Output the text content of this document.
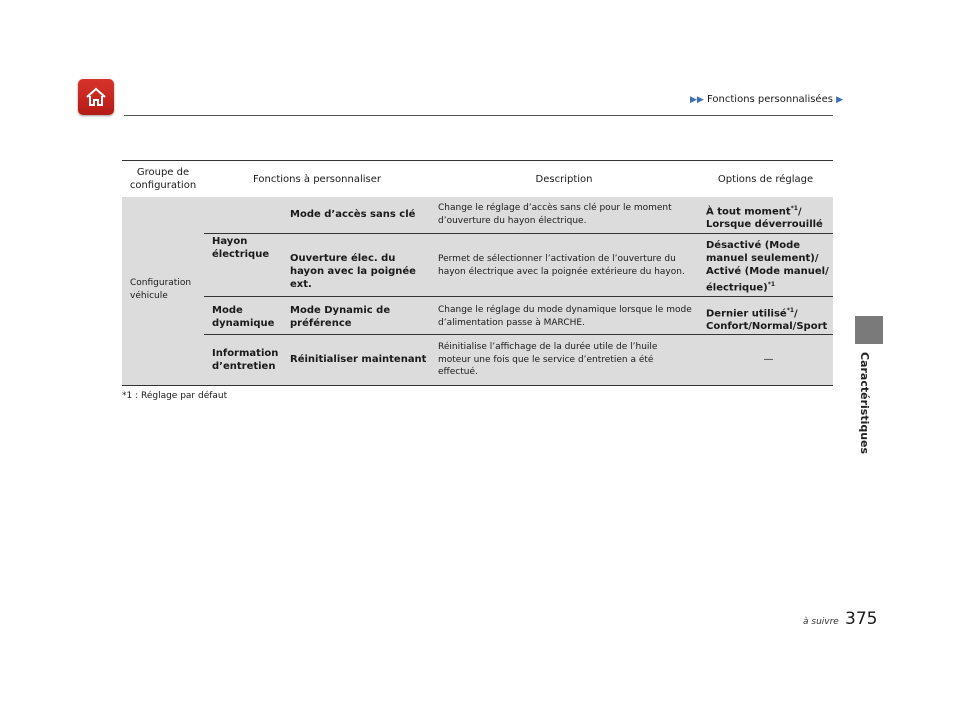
▶▶ Fonctions personnalisées ▶
Caractéristiques
Groupe de configuration
Fonctions à personnaliser	Description	Options de réglage
Configuration véhicule
Hayon électrique
Mode d’accès sans clé
Change le réglage d’accès sans clé pour le moment d’ouverture du hayon électrique.
À tout moment$^{*1}$/
Lorsque déverrouillé
Ouverture élec. du hayon avec la poignée ext.
Permet de sélectionner l’activation de l’ouverture du hayon électrique avec la poignée extérieure du hayon.
Désactivé (Mode manuel seulement)/
Activé (Mode manuel/ électrique)$^{*1}$
Mode dynamique
Mode Dynamic de préférence
Change le réglage du mode dynamique lorsque le mode d’alimentation passe à MARCHE.
Dernier utilisé$^{*1}$/
Confort/Normal/Sport
Information d’entretien
Réinitialiser maintenant
Réinitialise l’affichage de la durée utile de l’huile moteur une fois que le service d’entretien a été effectué.
—
*1 : Réglage par défaut
à suivre 375
